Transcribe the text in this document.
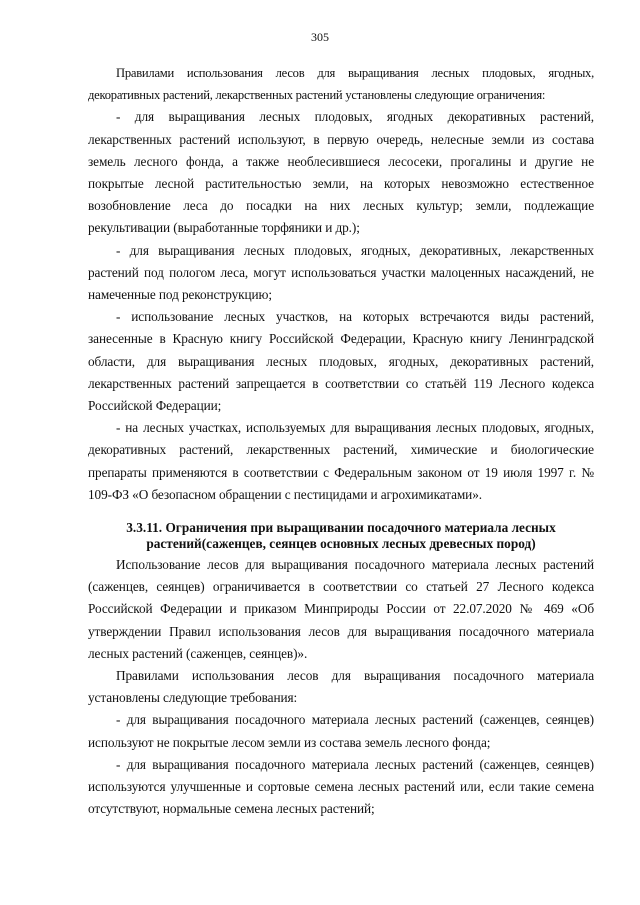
305

Правилами использования лесов для выращивания лесных плодовых, ягодных, декоративных растений, лекарственных растений установлены следующие ограничения:

- для выращивания лесных плодовых, ягодных декоративных растений, лекарственных растений используют, в первую очередь, нелесные земли из состава земель лесного фонда, а также необлесившиеся лесосеки, прогалины и другие не покрытые лесной растительностью земли, на которых невозможно естественное возобновление леса до посадки на них лесных культур; земли, подлежащие рекультивации (выработанные торфяники и др.);

- для выращивания лесных плодовых, ягодных, декоративных, лекарственных растений под пологом леса, могут использоваться участки малоценных насаждений, не намеченные под реконструкцию;

- использование лесных участков, на которых встречаются виды растений, занесенные в Красную книгу Российской Федерации, Красную книгу Ленинградской области, для выращивания лесных плодовых, ягодных, декоративных растений, лекарственных растений запрещается в соответствии со статьёй 119 Лесного кодекса Российской Федерации;

- на лесных участках, используемых для выращивания лесных плодовых, ягодных, декоративных растений, лекарственных растений, химические и биологические препараты применяются в соответствии с Федеральным законом от 19 июля 1997 г. № 109-ФЗ «О безопасном обращении с пестицидами и агрохимикатами».

3.3.11. Ограничения при выращивании посадочного материала лесных
растений(саженцев, сеянцев основных лесных древесных пород)

Использование лесов для выращивания посадочного материала лесных растений (саженцев, сеянцев) ограничивается в соответствии со статьей 27 Лесного кодекса Российской Федерации и приказом Минприроды России от 22.07.2020 № 469 «Об утверждении Правил использования лесов для выращивания посадочного материала лесных растений (саженцев, сеянцев)».

Правилами использования лесов для выращивания посадочного материала установлены следующие требования:

- для выращивания посадочного материала лесных растений (саженцев, сеянцев) используют не покрытые лесом земли из состава земель лесного фонда;

- для выращивания посадочного материала лесных растений (саженцев, сеянцев) используются улучшенные и сортовые семена лесных растений или, если такие семена отсутствуют, нормальные семена лесных растений;
